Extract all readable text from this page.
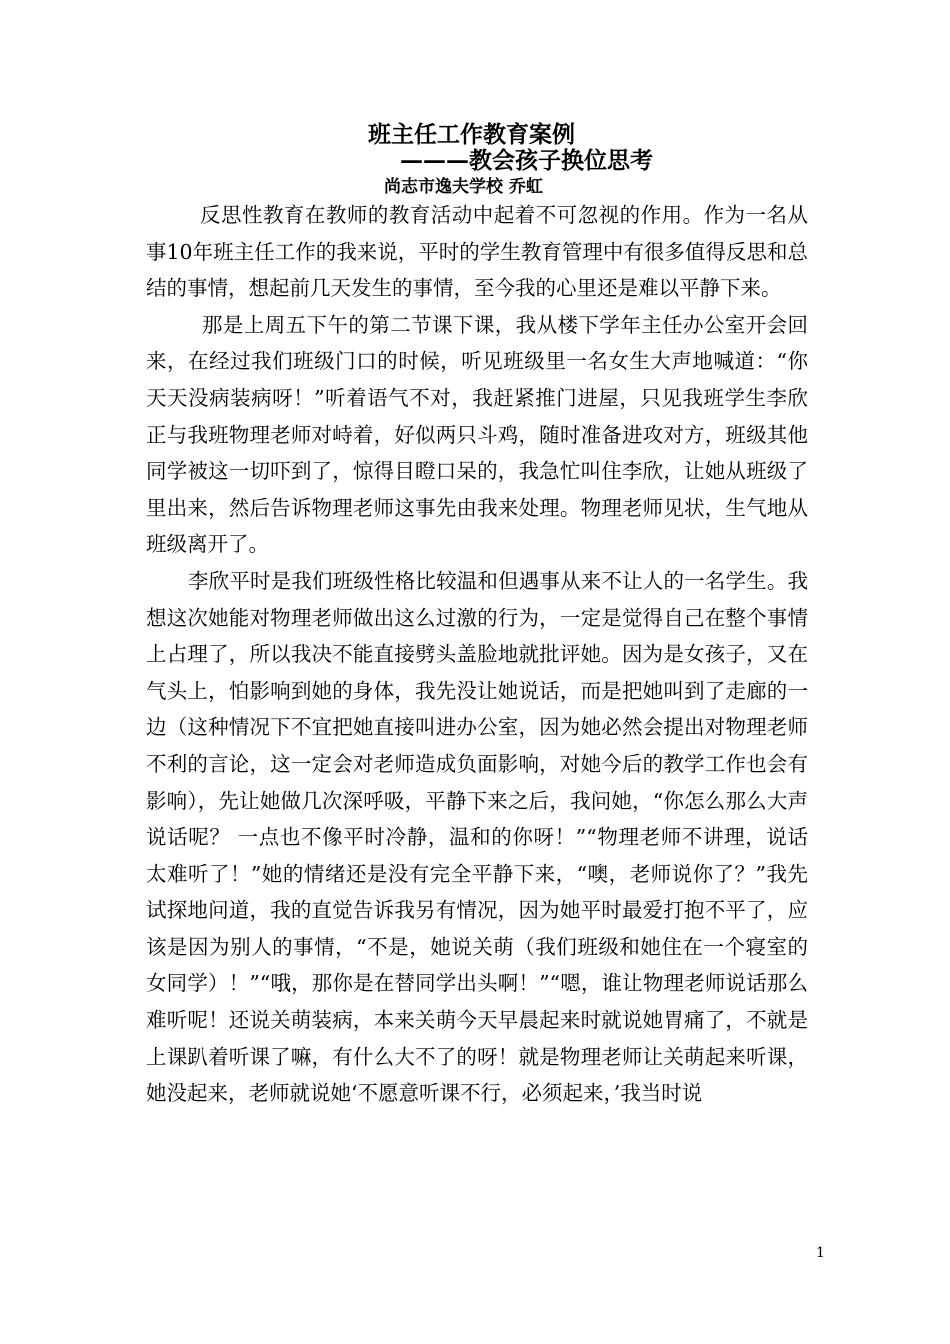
班主任工作教育案例
———教会孩子换位思考
尚志市逸夫学校 乔虹

反思性教育在教师的教育活动中起着不可忽视的作用。作为一名从事10年班主任工作的我来说，平时的学生教育管理中有很多值得反思和总结的事情，想起前几天发生的事情，至今我的心里还是难以平静下来。

那是上周五下午的第二节课下课，我从楼下学年主任办公室开会回来，在经过我们班级门口的时候，听见班级里一名女生大声地喊道：“你天天没病装病呀！”听着语气不对，我赶紧推门进屋，只见我班学生李欣正与我班物理老师对峙着，好似两只斗鸡，随时准备进攻对方，班级其他同学被这一切吓到了，惊得目瞪口呆的，我急忙叫住李欣，让她从班级了里出来，然后告诉物理老师这事先由我来处理。物理老师见状，生气地从班级离开了。

李欣平时是我们班级性格比较温和但遇事从来不让人的一名学生。我想这次她能对物理老师做出这么过激的行为，一定是觉得自己在整个事情上占理了，所以我决不能直接劈头盖脸地就批评她。因为是女孩子，又在气头上，怕影响到她的身体，我先没让她说话，而是把她叫到了走廊的一边（这种情况下不宜把她直接叫进办公室，因为她必然会提出对物理老师不利的言论，这一定会对老师造成负面影响，对她今后的教学工作也会有影响），先让她做几次深呼吸，平静下来之后，我问她，“你怎么那么大声说话呢？ 一点也不像平时冷静，温和的你呀！”“物理老师不讲理，说话太难听了！”她的情绪还是没有完全平静下来，“噢，老师说你了？”我先试探地问道，我的直觉告诉我另有情况，因为她平时最爱打抱不平了，应该是因为别人的事情，“不是，她说关萌（我们班级和她住在一个寝室的女同学）！”“哦，那你是在替同学出头啊！”“嗯，谁让物理老师说话那么难听呢！还说关萌装病，本来关萌今天早晨起来时就说她胃痛了，不就是上课趴着听课了嘛，有什么大不了的呀！就是物理老师让关萌起来听课，她没起来，老师就说她‘不愿意听课不行，必须起来，’我当时说

1
